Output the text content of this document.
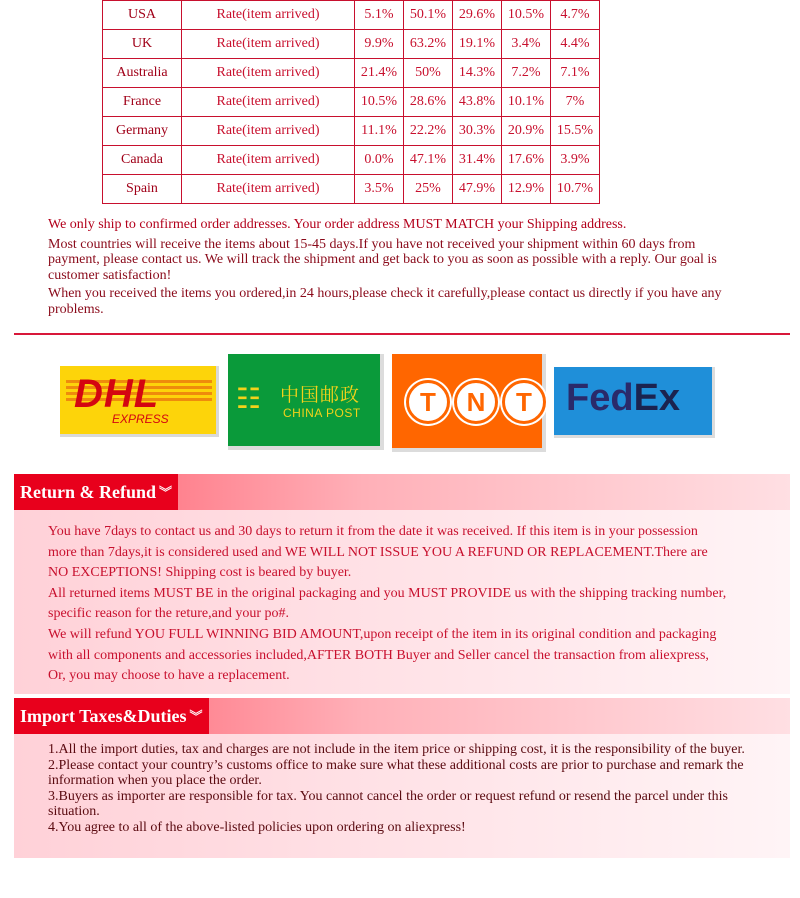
USA	Rate(item arrived)	5.1%	50.1%	29.6%	10.5%	4.7%
UK	Rate(item arrived)	9.9%	63.2%	19.1%	3.4%	4.4%
Australia	Rate(item arrived)	21.4%	50%	14.3%	7.2%	7.1%
France	Rate(item arrived)	10.5%	28.6%	43.8%	10.1%	7%
Germany	Rate(item arrived)	11.1%	22.2%	30.3%	20.9%	15.5%
Canada	Rate(item arrived)	0.0%	47.1%	31.4%	17.6%	3.9%
Spain	Rate(item arrived)	3.5%	25%	47.9%	12.9%	10.7%

We only ship to confirmed order addresses. Your order address MUST MATCH your Shipping address.

Most countries will receive the items about 15-45 days.If you have not received your shipment within 60 days from payment, please contact us. We will track the shipment and get back to you as soon as possible with a reply. Our goal is customer satisfaction!

When you received the items you ordered,in 24 hours,please check it carefully,please contact us directly if you have any problems.

DHL
EXPRESS
☷ 中国邮政
CHINA POST	T	N	T FedEx
Return & Refund ︾

You have 7days to contact us and 30 days to return it from the date it was received. If this item is in your possession

more than 7days,it is considered used and WE WILL NOT ISSUE YOU A REFUND OR REPLACEMENT.There are

NO EXCEPTIONS! Shipping cost is beared by buyer.

All returned items MUST BE in the original packaging and you MUST PROVIDE us with the shipping tracking number,

specific reason for the reture,and your po#.

We will refund YOU FULL WINNING BID AMOUNT,upon receipt of the item in its original condition and packaging

with all components and accessories included,AFTER BOTH Buyer and Seller cancel the transaction from aliexpress,

Or, you may choose to have a replacement.

Import Taxes&Duties ︾

1.All the import duties, tax and charges are not include in the item price or shipping cost, it is the responsibility of the buyer.

2.Please contact your country’s customs office to make sure what these additional costs are prior to purchase and remark the information when you place the order.

3.Buyers as importer are responsible for tax. You cannot cancel the order or request refund or resend the parcel under this situation.

4.You agree to all of the above-listed policies upon ordering on aliexpress!
